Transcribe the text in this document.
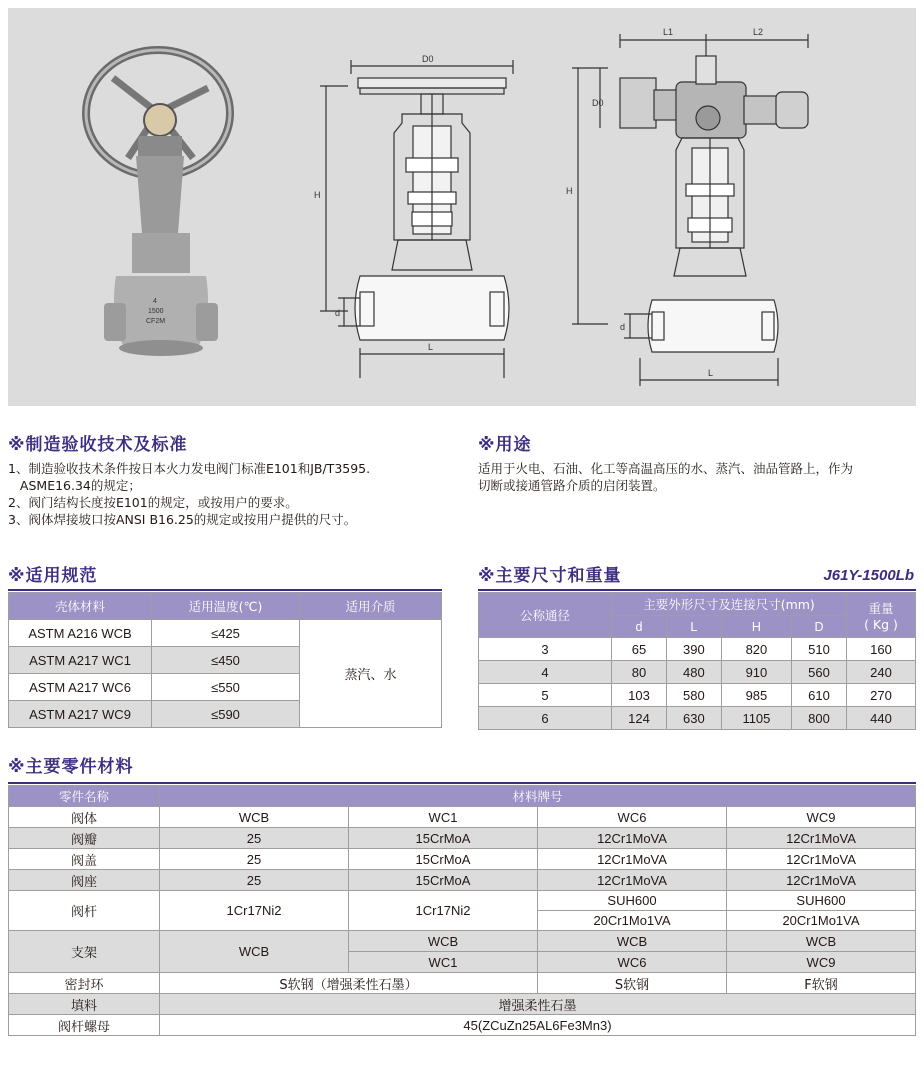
4
1500
CF2M
D0
H
d
L
L1	L2
D0
H
d
L
※制造验收技术及标准
1、制造验收技术条件按日本火力发电阀门标准E101和JB/T3595.
ASME16.34的规定；
2、阀门结构长度按E101的规定，或按用户的要求。
3、阀体焊接坡口按ANSI B16.25的规定或按用户提供的尺寸。
※用途
适用于火电、石油、化工等高温高压的水、蒸汽、油品管路上，作为
切断或接通管路介质的启闭装置。
※适用规范
壳体材料	适用温度(℃)	适用介质
ASTM A216 WCB	≤425	蒸汽、水
ASTM A217 WC1	≤450	
ASTM A217 WC6	≤550	
ASTM A217 WC9	≤590	
※主要尺寸和重量	J61Y-1500Lb
公称通径	主要外形尺寸及连接尺寸(mm)				重量
( Kg )

	d	L	H	D	
3	65	390	820	510	160
4	80	480	910	560	240
5	103	580	985	610	270
6	124	630	1105	800	440
※主要零件材料
零件名称	材料牌号			
阀体	WCB	WC1	WC6	WC9
阀瓣	25	15CrMoA	12Cr1MoVA	12Cr1MoVA
阀盖	25	15CrMoA	12Cr1MoVA	12Cr1MoVA
阀座	25	15CrMoA	12Cr1MoVA	12Cr1MoVA
阀杆	1Cr17Ni2	1Cr17Ni2	SUH600	SUH600
			20Cr1Mo1VA	20Cr1Mo1VA
支架	WCB	WCB	WCB	WCB
		WC1	WC6	WC9
密封环	S软钢（增强柔性石墨）		S软钢	F软钢
填料	增强柔性石墨			
阀杆螺母	45(ZCuZn25AL6Fe3Mn3)			
